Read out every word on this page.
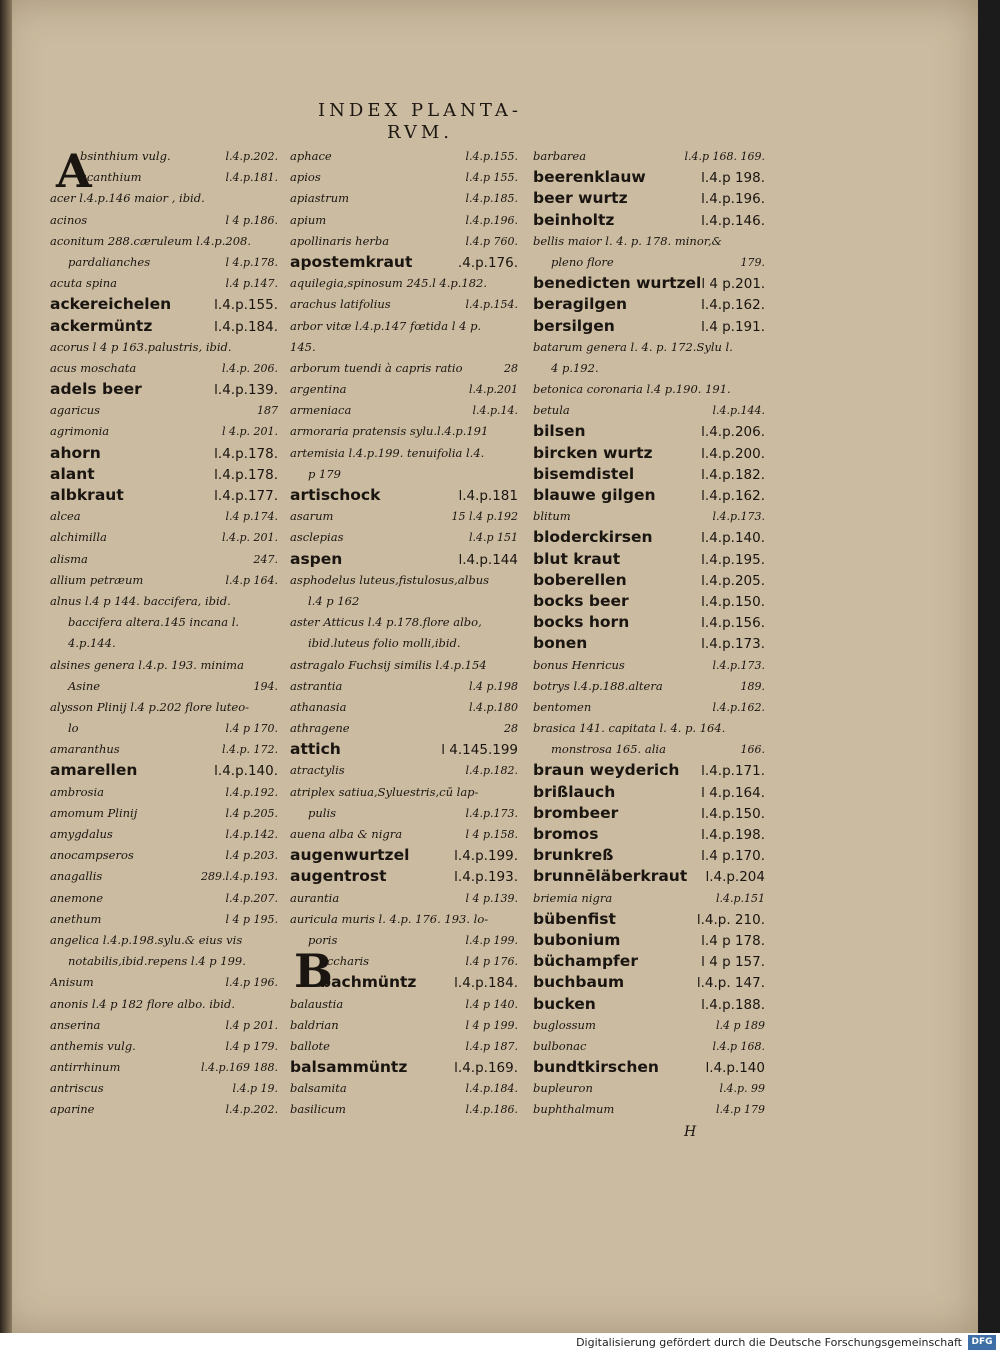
INDEX PLANTA-
RVM.
A
B
bsinthium vulg.	l.4.p.202.
acanthium	l.4.p.181.
acer l.4.p.146 maior , ibid.
acinos	l 4 p.186.
aconitum 288.cæruleum l.4.p.208.
pardalianches	l 4.p.178.
acuta spina	l.4 p.147.
ackereichelen	l.4.p.155.
ackermüntz	l.4.p.184.
acorus l 4 p 163.palustris, ibid.
acus moschata	l.4.p. 206.
adels beer	l.4.p.139.
agaricus	187
agrimonia	l 4.p. 201.
ahorn	l.4.p.178.
alant	l.4.p.178.
albkraut	l.4.p.177.
alcea	l.4 p.174.
alchimilla	l.4.p. 201.
alisma	247.
allium petræum	l.4.p 164.
alnus l.4 p 144. baccifera, ibid.
baccifera altera.145 incana l.
4.p.144.
alsines genera l.4.p. 193. minima
Asine	194.
alysson Plinij l.4 p.202 flore luteo-
lo	l.4 p 170.
amaranthus	l.4.p. 172.
amarellen	l.4.p.140.
ambrosia	l.4.p.192.
amomum Plinij	l.4 p.205.
amygdalus	l.4.p.142.
anocampseros	l.4 p.203.
anagallis	289.l.4.p.193.
anemone	l.4.p.207.
anethum	l 4 p 195.
angelica l.4.p.198.sylu.& eius vis
notabilis,ibid.repens l.4 p 199.
Anisum	l.4.p 196.
anonis l.4 p 182 flore albo. ibid.
anserina	l.4 p 201.
anthemis vulg.	l.4 p 179.
antirrhinum	l.4.p.169 188.
antriscus	l.4.p 19.
aparine	l.4.p.202.
aphace	l.4.p.155.
apios	l.4.p 155.
apiastrum	l.4.p.185.
apium	l.4.p.196.
apollinaris herba	l.4.p 760.
apostemkraut	.4.p.176.
aquilegia,spinosum 245.l 4.p.182.
arachus latifolius	l.4.p.154.
arbor vitæ l.4.p.147 fœtida l 4 p.
145.
arborum tuendi à capris ratio	28
argentina	l.4.p.201
armeniaca	l.4.p.14.
armoraria pratensis sylu.l.4.p.191
artemisia l.4.p.199. tenuifolia l.4.
p 179
artischock	l.4.p.181
asarum	15 l.4 p.192
asclepias	l.4.p 151
aspen	l.4.p.144
asphodelus luteus,fistulosus,albus
l.4 p 162
aster Atticus l.4 p.178.flore albo,
ibid.luteus folio molli,ibid.
astragalo Fuchsij similis l.4.p.154
astrantia	l.4 p.198
athanasia	l.4.p.180
athragene	28
attich	l 4.145.199
atractylis	l.4.p.182.
atriplex satiua,Syluestris,cū lap-
pulis	l.4.p.173.
auena alba & nigra	l 4 p.158.
augenwurtzel	l.4.p.199.
augentrost	l.4.p.193.
aurantia	l 4 p.139.
auricula muris l. 4.p. 176. 193. lo-
poris	l.4.p 199.
accharis	l.4 p 176.
bachmüntz	l.4.p.184.
balaustia	l.4 p 140.
baldrian	l 4 p 199.
ballote	l.4.p 187.
balsammüntz	l.4.p.169.
balsamita	l.4.p.184.
basilicum	l.4.p.186.
barbarea	l.4.p 168. 169.
beerenklauw	l.4.p 198.
beer wurtz	l.4.p.196.
beinholtz	l.4.p.146.
bellis maior l. 4. p. 178. minor,&
pleno flore	179.
benedicten wurtzel l 4 p.201.
beragilgen	l.4.p.162.
bersilgen	l.4 p.191.
batarum genera l. 4. p. 172.Sylu l.
4 p.192.
betonica coronaria l.4 p.190. 191.
betula	l.4.p.144.
bilsen	l.4.p.206.
bircken wurtz	l.4.p.200.
bisemdistel	l.4.p.182.
blauwe gilgen	l.4.p.162.
blitum	l.4.p.173.
bloderckirsen	l.4.p.140.
blut kraut	l.4.p.195.
boberellen	l.4.p.205.
bocks beer	l.4.p.150.
bocks horn	l.4.p.156.
bonen	l.4.p.173.
bonus Henricus	l.4.p.173.
botrys l.4.p.188.altera	189.
bentomen	l.4.p.162.
brasica 141. capitata l. 4. p. 164.
monstrosa 165. alia	166.
braun weyderich l.4.p.171.
brißlauch	l 4.p.164.
brombeer	l.4.p.150.
bromos	l.4.p.198.
brunkreß	l.4 p.170.
brunnēläberkraut l.4.p.204
briemia nigra	l.4.p.151
bübenfist	l.4.p. 210.
bubonium	l.4 p 178.
büchampfer	l 4 p 157.
buchbaum	l.4.p. 147.
bucken	l.4.p.188.
buglossum	l.4 p 189
bulbonac	l.4.p 168.
bundtkirschen	l.4.p.140
bupleuron	l.4.p. 99
buphthalmum	l.4.p 179
H
Digitalisierung gefördert durch die Deutsche Forschungsgemeinschaft	DFG
